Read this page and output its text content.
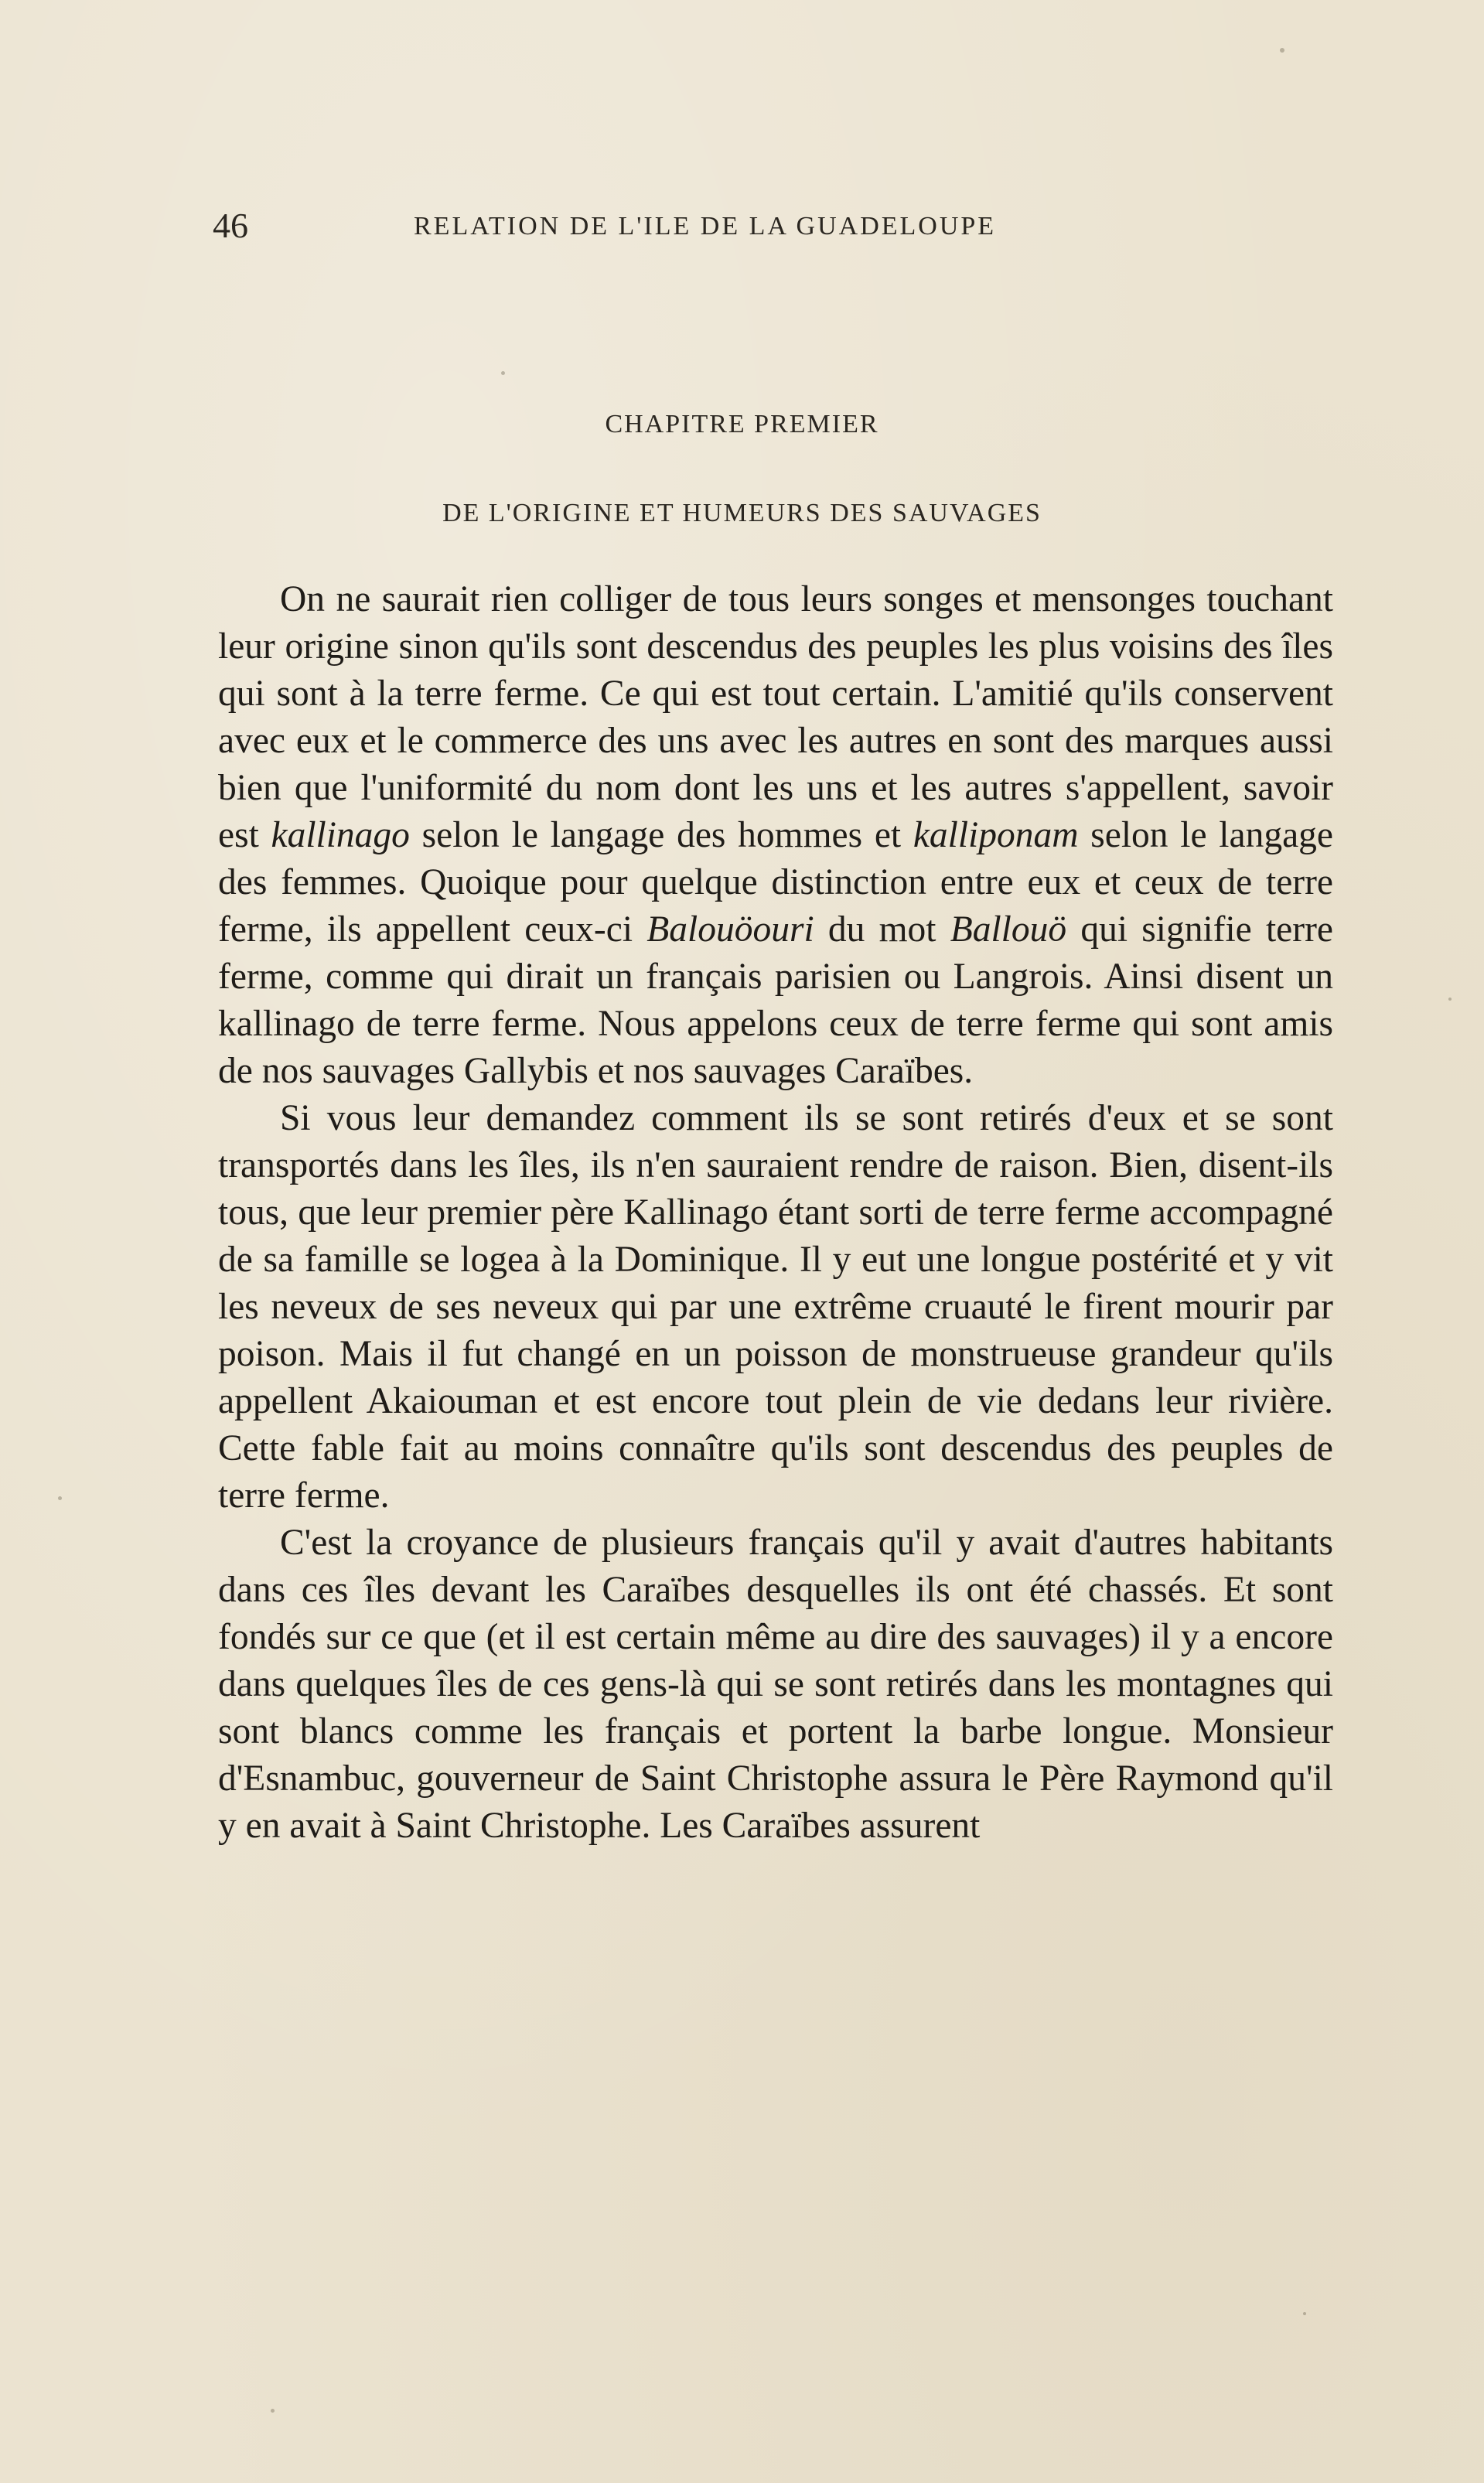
46	RELATION DE L'ILE DE LA GUADELOUPE
CHAPITRE PREMIER
DE L'ORIGINE ET HUMEURS DES SAUVAGES

On ne saurait rien colliger de tous leurs songes et mensonges touchant leur origine sinon qu'ils sont descendus des peuples les plus voisins des îles qui sont à la terre ferme. Ce qui est tout certain. L'amitié qu'ils conservent avec eux et le commerce des uns avec les autres en sont des marques aussi bien que l'uniformité du nom dont les uns et les autres s'appellent, savoir est kallinago selon le langage des hommes et kalliponam selon le langage des femmes. Quoique pour quelque distinction entre eux et ceux de terre ferme, ils appellent ceux-ci Balouöouri du mot Ballouö qui signifie terre ferme, comme qui dirait un français parisien ou Langrois. Ainsi disent un kallinago de terre ferme. Nous appelons ceux de terre ferme qui sont amis de nos sauvages Gallybis et nos sauvages Caraïbes.

Si vous leur demandez comment ils se sont retirés d'eux et se sont transportés dans les îles, ils n'en sauraient rendre de raison. Bien, disent-ils tous, que leur premier père Kallinago étant sorti de terre ferme accompagné de sa famille se logea à la Dominique. Il y eut une longue postérité et y vit les neveux de ses neveux qui par une extrême cruauté le firent mourir par poison. Mais il fut changé en un poisson de monstrueuse grandeur qu'ils appellent Akaiouman et est encore tout plein de vie dedans leur rivière. Cette fable fait au moins connaître qu'ils sont descendus des peuples de terre ferme.

C'est la croyance de plusieurs français qu'il y avait d'autres habitants dans ces îles devant les Caraïbes desquelles ils ont été chassés. Et sont fondés sur ce que (et il est certain même au dire des sauvages) il y a encore dans quelques îles de ces gens-là qui se sont retirés dans les montagnes qui sont blancs comme les français et portent la barbe longue. Monsieur d'Esnambuc, gouverneur de Saint Christophe assura le Père Raymond qu'il y en avait à Saint Christophe. Les Caraïbes assurent
